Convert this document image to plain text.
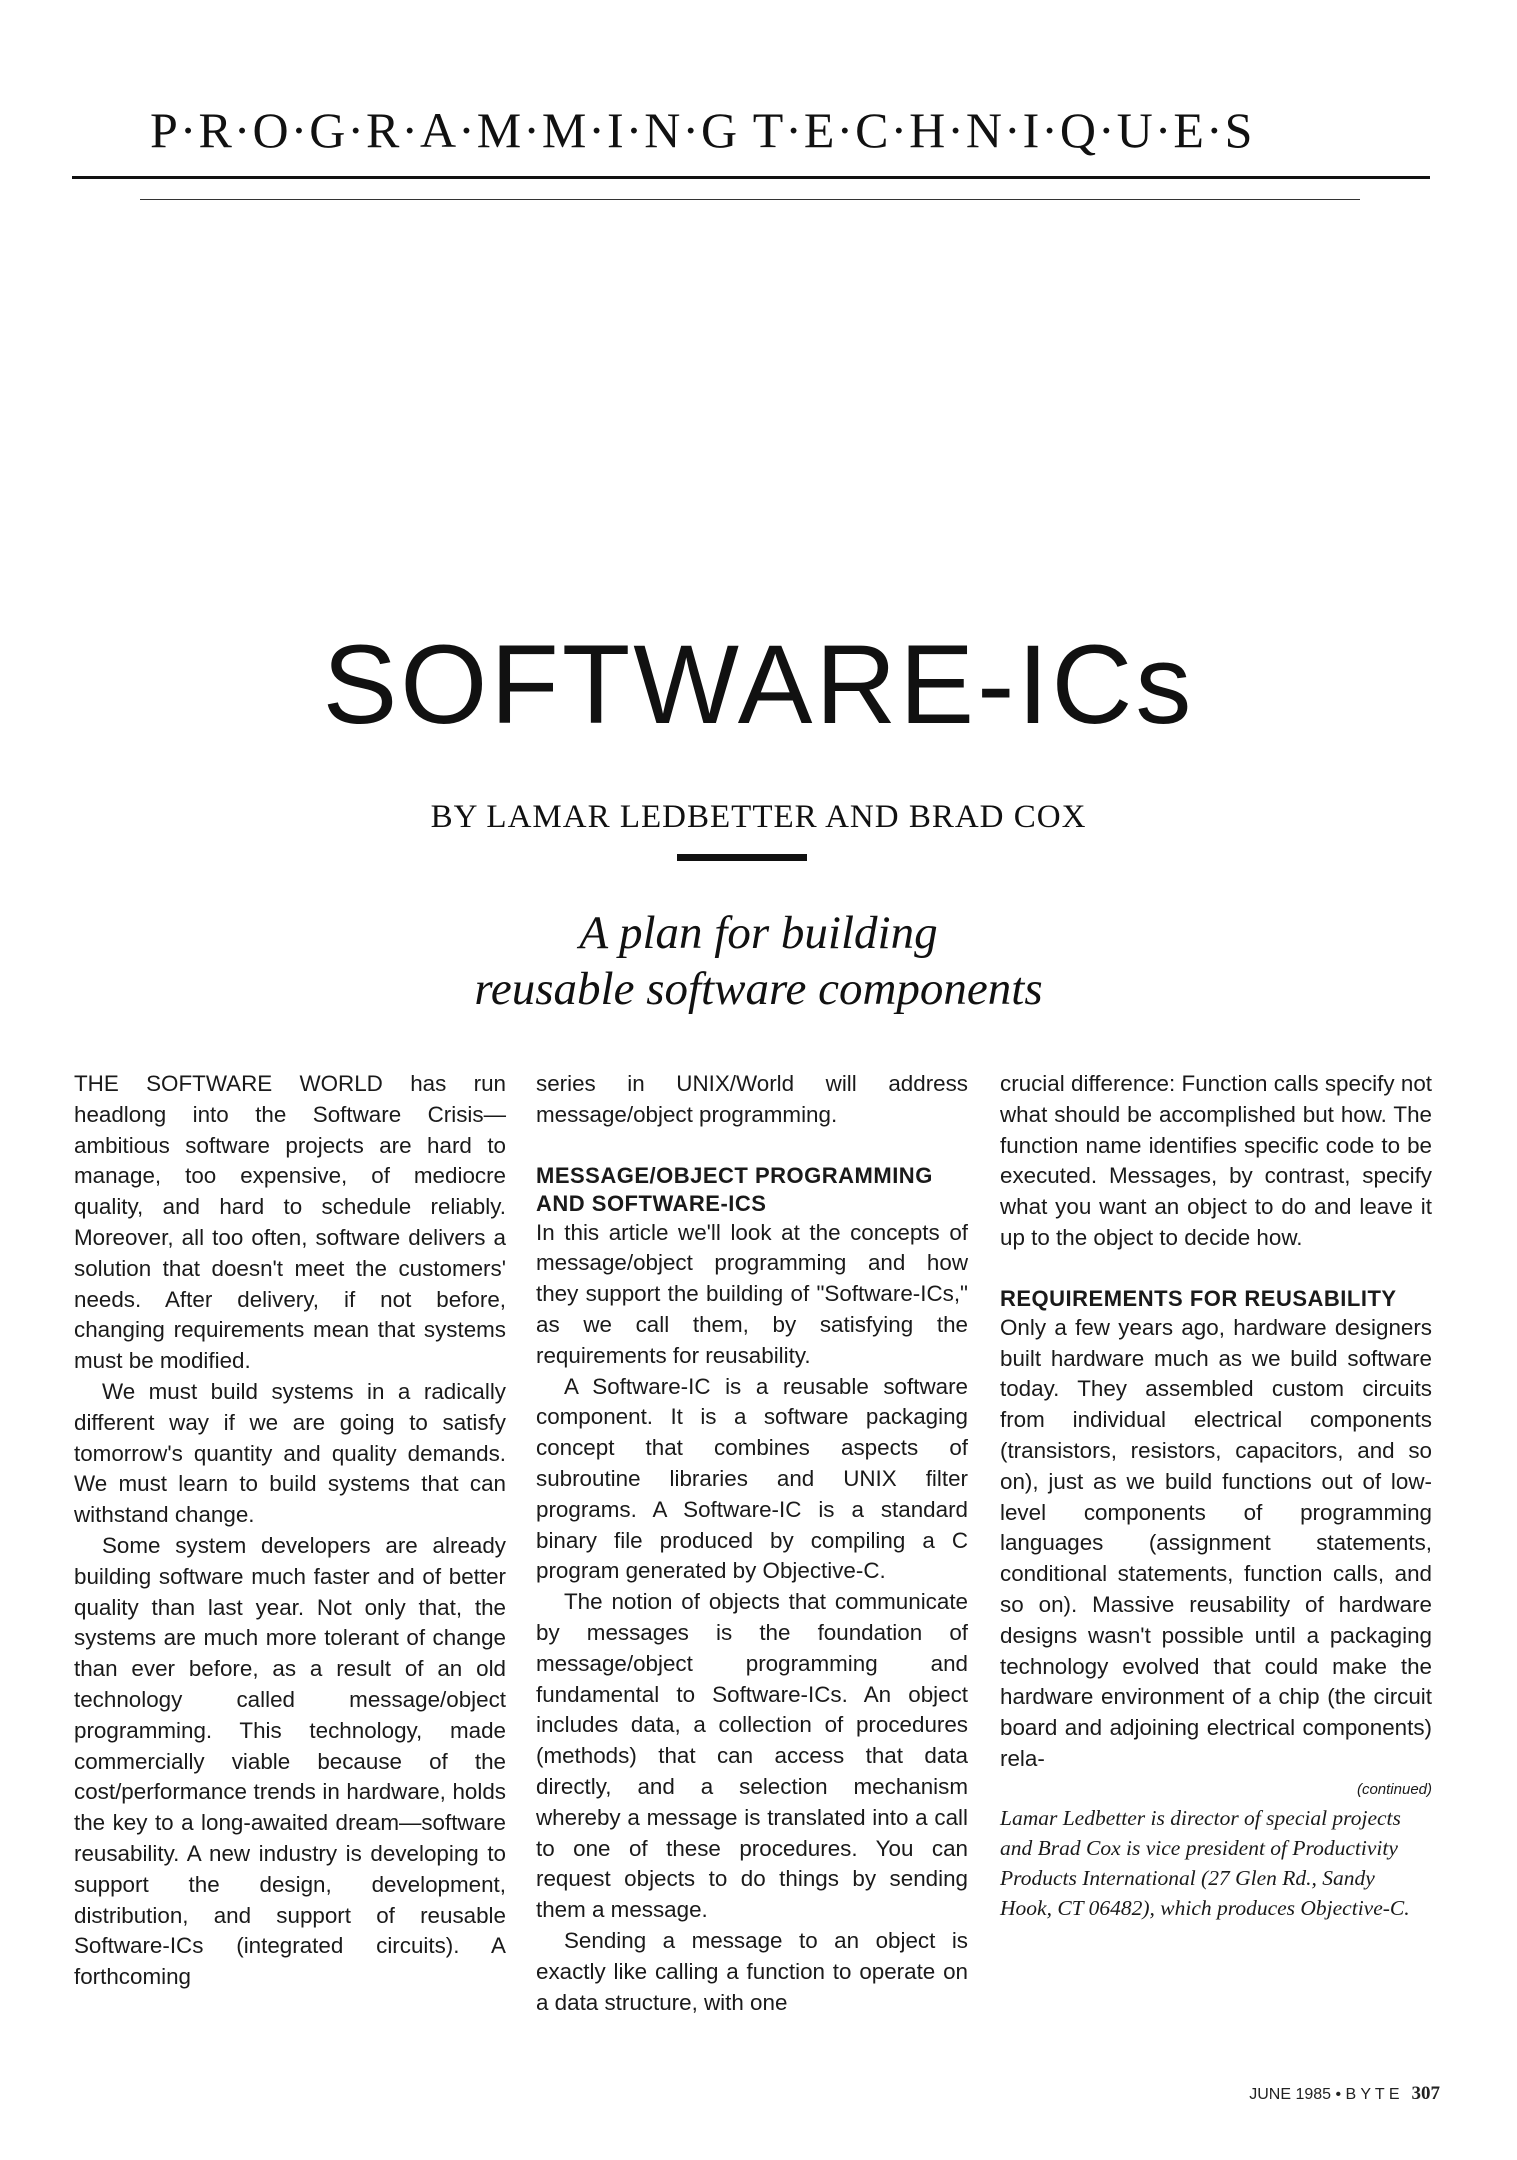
P·R·O·G·R·A·M·M·I·N·G T·E·C·H·N·I·Q·U·E·S
SOFTWARE-ICs
BY LAMAR LEDBETTER AND BRAD COX
A plan for building
reusable software components

THE SOFTWARE WORLD has run headlong into the Software Crisis—ambitious software projects are hard to manage, too expensive, of mediocre quality, and hard to schedule reliably. Moreover, all too often, software delivers a solution that doesn't meet the customers' needs. After delivery, if not before, changing requirements mean that systems must be modified.

We must build systems in a radically different way if we are going to satisfy tomorrow's quantity and quality demands. We must learn to build systems that can withstand change.

Some system developers are already building software much faster and of better quality than last year. Not only that, the systems are much more tolerant of change than ever before, as a result of an old technology called message/object programming. This technology, made commercially viable because of the cost/performance trends in hardware, holds the key to a long-awaited dream—software reusability. A new industry is developing to support the design, development, distribution, and support of reusable Software-ICs (integrated circuits). A forthcoming

series in UNIX/World will address message/object programming.

MESSAGE/OBJECT PROGRAMMING AND SOFTWARE-ICS

In this article we'll look at the concepts of message/object programming and how they support the building of "Software-ICs," as we call them, by satisfying the requirements for reusability.

A Software-IC is a reusable software component. It is a software packaging concept that combines aspects of subroutine libraries and UNIX filter programs. A Software-IC is a standard binary file produced by compiling a C program generated by Objective-C.

The notion of objects that communicate by messages is the foundation of message/object programming and fundamental to Software-ICs. An object includes data, a collection of procedures (methods) that can access that data directly, and a selection mechanism whereby a message is translated into a call to one of these procedures. You can request objects to do things by sending them a message.

Sending a message to an object is exactly like calling a function to operate on a data structure, with one

crucial difference: Function calls specify not what should be accomplished but how. The function name identifies specific code to be executed. Messages, by contrast, specify what you want an object to do and leave it up to the object to decide how.

REQUIREMENTS FOR REUSABILITY

Only a few years ago, hardware designers built hardware much as we build software today. They assembled custom circuits from individual electrical components (transistors, resistors, capacitors, and so on), just as we build functions out of low-level components of programming languages (assignment statements, conditional statements, function calls, and so on). Massive reusability of hardware designs wasn't possible until a packaging technology evolved that could make the hardware environment of a chip (the circuit board and adjoining electrical components) rela-

(continued)

Lamar Ledbetter is director of special projects and Brad Cox is vice president of Productivity Products International (27 Glen Rd., Sandy Hook, CT 06482), which produces Objective-C.

JUNE 1985 • B Y T E 307
